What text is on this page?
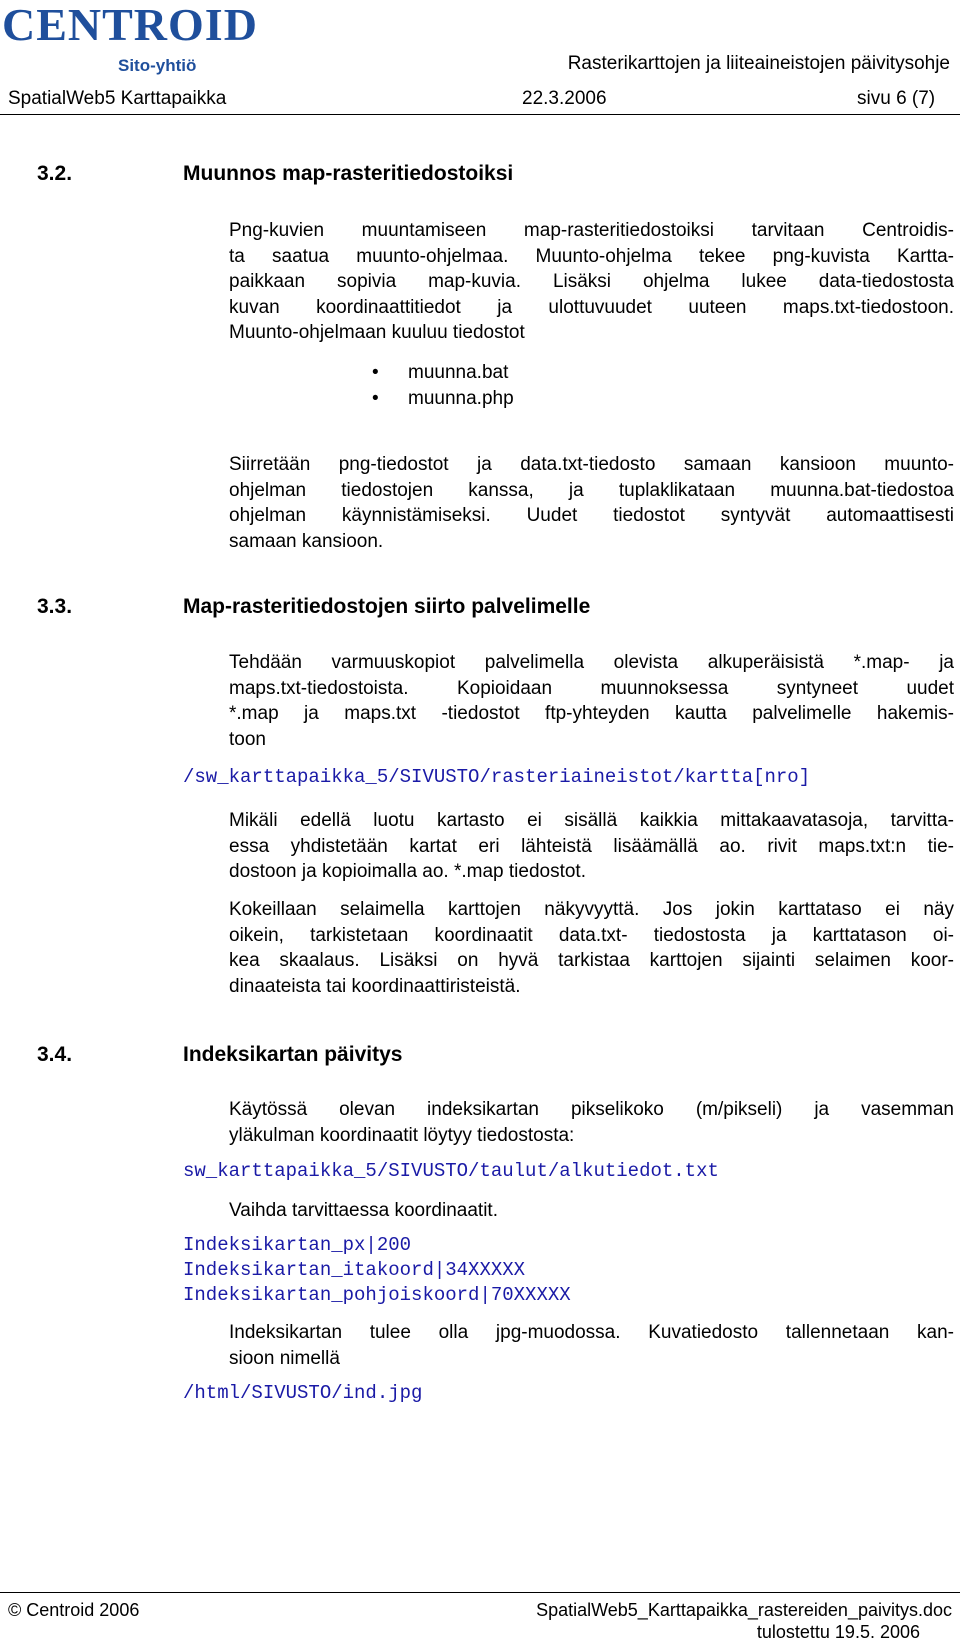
CENTROID
Sito-yhtiö	Rasterikarttojen ja liiteaineistojen päivitysohje
SpatialWeb5 Karttapaikka	22.3.2006	sivu 6 (7)
3.2.	Muunnos map-rasteritiedostoiksi
Png-kuvien muuntamiseen map-rasteritiedostoiksi tarvitaan Centroidis-
ta saatua muunto-ohjelmaa. Muunto-ohjelma tekee png-kuvista Kartta-
paikkaan sopivia map-kuvia. Lisäksi ohjelma lukee data-tiedostosta
kuvan koordinaattitiedot ja ulottuvuudet uuteen maps.txt-tiedostoon.
Muunto-ohjelmaan kuuluu tiedostot
• muunna.bat
• muunna.php
Siirretään png-tiedostot ja data.txt-tiedosto samaan kansioon muunto-
ohjelman tiedostojen kanssa, ja tuplaklikataan muunna.bat-tiedostoa
ohjelman käynnistämiseksi. Uudet tiedostot syntyvät automaattisesti
samaan kansioon.
3.3.	Map-rasteritiedostojen siirto palvelimelle
Tehdään varmuuskopiot palvelimella olevista alkuperäisistä *.map- ja
maps.txt-tiedostoista. Kopioidaan muunnoksessa syntyneet uudet
*.map ja maps.txt -tiedostot ftp-yhteyden kautta palvelimelle hakemis-
toon
/sw_karttapaikka_5/SIVUSTO/rasteriaineistot/kartta[nro]
Mikäli edellä luotu kartasto ei sisällä kaikkia mittakaavatasoja, tarvitta-
essa yhdistetään kartat eri lähteistä lisäämällä ao. rivit maps.txt:n tie-
dostoon ja kopioimalla ao. *.map tiedostot.
Kokeillaan selaimella karttojen näkyvyyttä. Jos jokin karttataso ei näy
oikein, tarkistetaan koordinaatit data.txt- tiedostosta ja karttatason oi-
kea skaalaus. Lisäksi on hyvä tarkistaa karttojen sijainti selaimen koor-
dinaateista tai koordinaattiristeistä.
3.4.	Indeksikartan päivitys
Käytössä olevan indeksikartan pikselikoko (m/pikseli) ja vasemman
yläkulman koordinaatit löytyy tiedostosta:
sw_karttapaikka_5/SIVUSTO/taulut/alkutiedot.txt
Vaihda tarvittaessa koordinaatit.
Indeksikartan_px|200
Indeksikartan_itakoord|34XXXXX
Indeksikartan_pohjoiskoord|70XXXXX
Indeksikartan tulee olla jpg-muodossa. Kuvatiedosto tallennetaan kan-
sioon nimellä
/html/SIVUSTO/ind.jpg
© Centroid 2006	SpatialWeb5_Karttapaikka_rastereiden_paivitys.doc
tulostettu 19.5. 2006
